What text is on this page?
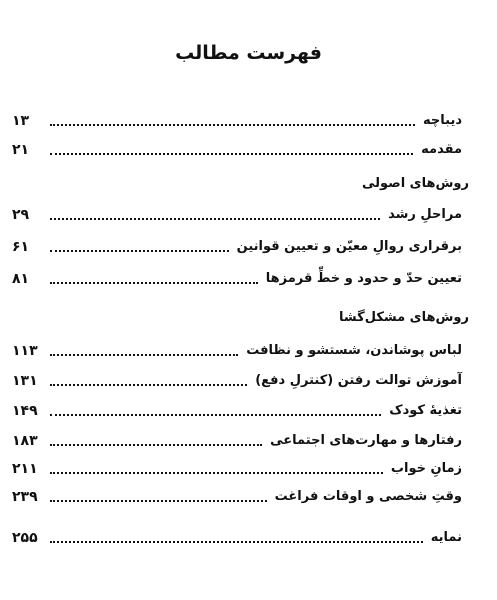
فهرست مطالب
دیباچه
۱۳
مقدمه
۲۱
روش‌های اصولی
مراحلِ رشد
۲۹
برقراری روالِ معیّن و تعیین قوانین
۶۱
تعیین حدّ و حدود و خطِّ قرمزها
۸۱
روش‌های مشکل‌گشا
لباس پوشاندن، شستشو و نظافت
۱۱۳
آموزش توالت رفتن (کنترلِ دفع)
۱۳۱
تغذیهٔ کودک
۱۴۹
رفتارها و مهارت‌های اجتماعی
۱۸۳
زمانِ خواب
۲۱۱
وقتِ شخصی و اوقات فراغت
۲۳۹
نمایه
۲۵۵
